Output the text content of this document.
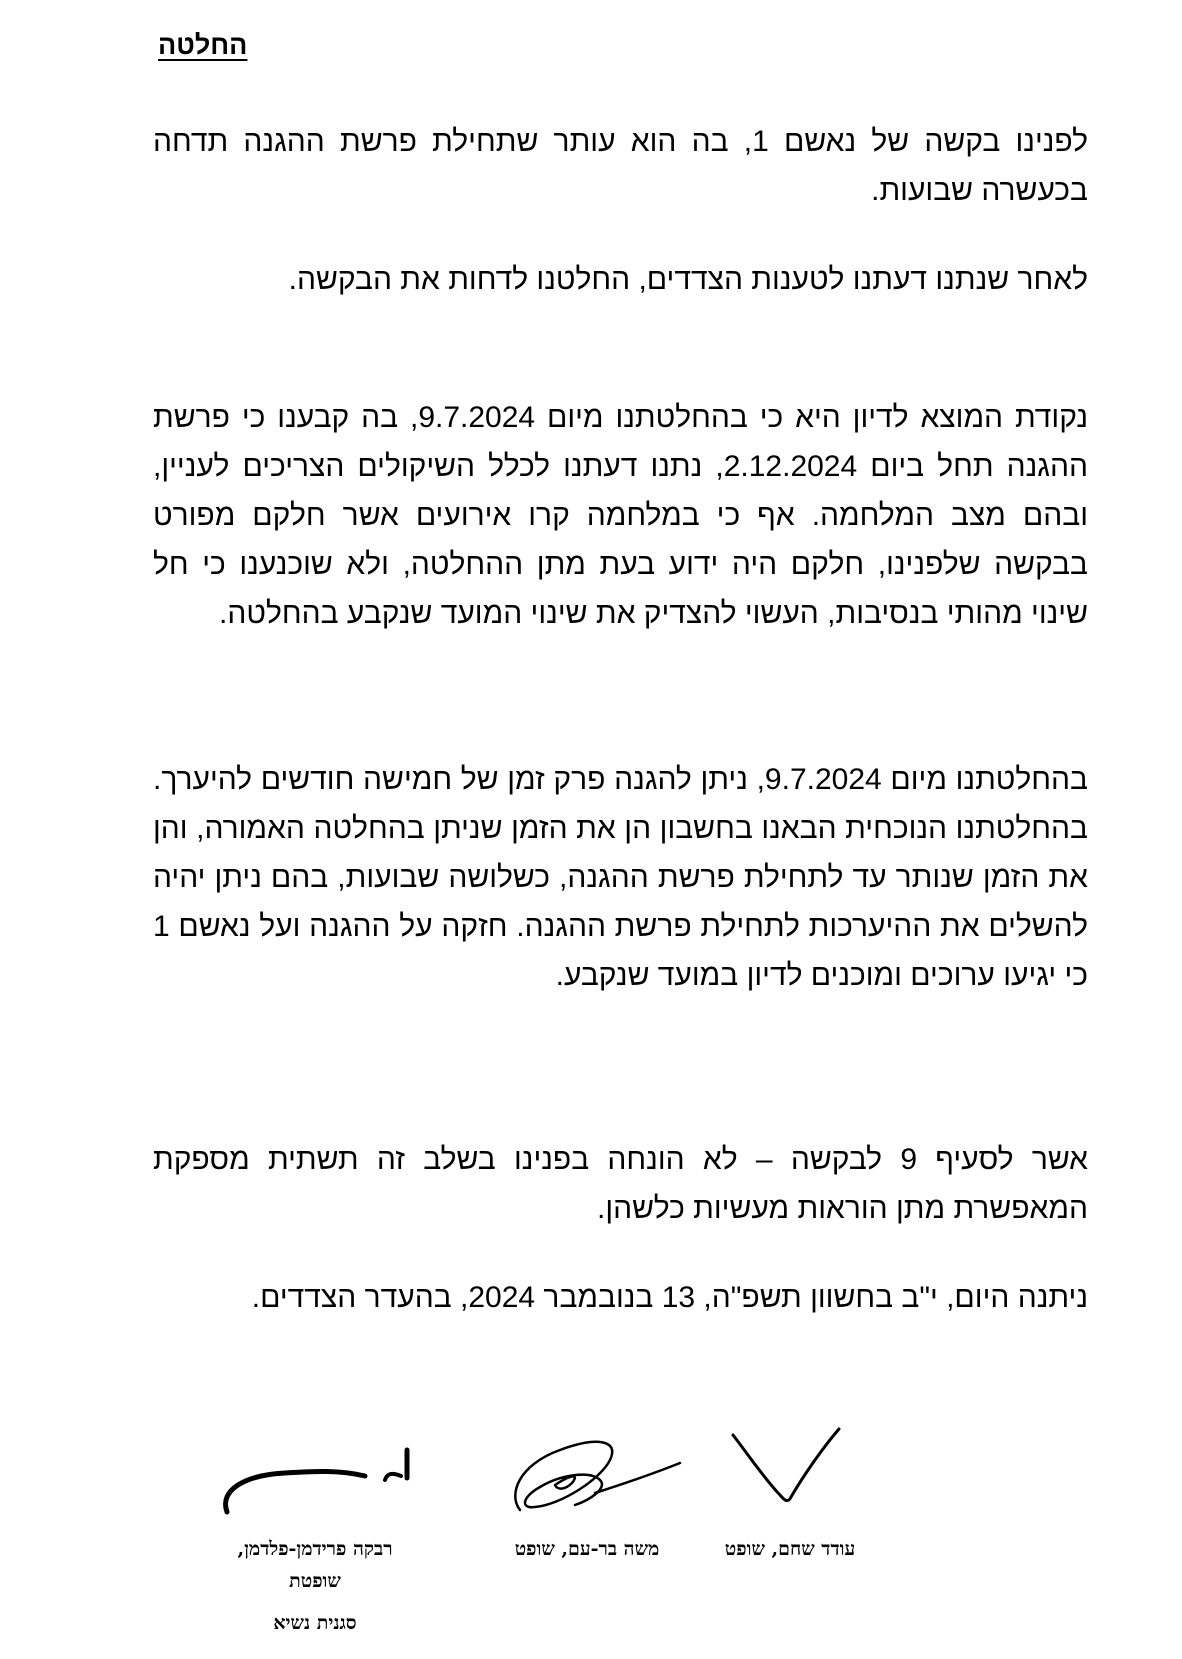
החלטה
לפנינו בקשה של נאשם 1, בה הוא עותר שתחילת פרשת ההגנה תדחה בכעשרה שבועות.
לאחר שנתנו דעתנו לטענות הצדדים, החלטנו לדחות את הבקשה.
נקודת המוצא לדיון היא כי בהחלטתנו מיום 9.7.2024, בה קבענו כי פרשת ההגנה תחל ביום 2.12.2024, נתנו דעתנו לכלל השיקולים הצריכים לעניין, ובהם מצב המלחמה. אף כי במלחמה קרו אירועים אשר חלקם מפורט בבקשה שלפנינו, חלקם היה ידוע בעת מתן ההחלטה, ולא שוכנענו כי חל שינוי מהותי בנסיבות, העשוי להצדיק את שינוי המועד שנקבע בהחלטה.
בהחלטתנו מיום 9.7.2024, ניתן להגנה פרק זמן של חמישה חודשים להיערך. בהחלטתנו הנוכחית הבאנו בחשבון הן את הזמן שניתן בהחלטה האמורה, והן את הזמן שנותר עד לתחילת פרשת ההגנה, כשלושה שבועות, בהם ניתן יהיה להשלים את ההיערכות לתחילת פרשת ההגנה. חזקה על ההגנה ועל נאשם 1 כי יגיעו ערוכים ומוכנים לדיון במועד שנקבע.
אשר לסעיף 9 לבקשה – לא הונחה בפנינו בשלב זה תשתית מספקת המאפשרת מתן הוראות מעשיות כלשהן.
ניתנה היום, י"ב בחשוון תשפ"ה, 13 בנובמבר 2024, בהעדר הצדדים.
עודד שחם, שופט
משה בר-עם, שופט
רבקה פרידמן-פלדמן,
שופטת
סגנית נשיא
